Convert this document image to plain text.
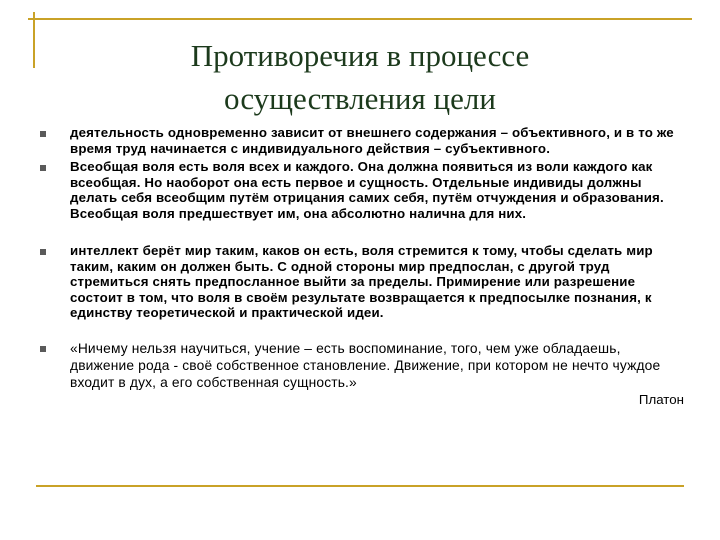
Противоречия в процессе
осуществления цели
деятельность одновременно зависит от внешнего содержания – объективного, и в то же время труд начинается с индивидуального действия – субъективного.
Всеобщая воля есть воля всех и каждого. Она должна появиться из воли каждого как всеобщая. Но наоборот она есть первое и сущность. Отдельные индивиды должны делать себя всеобщим путём отрицания самих себя, путём отчуждения и образования. Всеобщая воля предшествует им, она абсолютно налична для них.
интеллект берёт мир таким, каков он есть, воля стремится к тому, чтобы сделать мир таким, каким он должен быть. С одной стороны мир предпослан, с другой труд стремиться снять предпосланное выйти за пределы. Примирение или разрешение состоит в том, что воля в своём результате возвращается к предпосылке познания, к единству теоретической и практической идеи.
«Ничему нельзя научиться, учение – есть воспоминание, того, чем уже обладаешь, движение рода - своё собственное становление. Движение, при котором не нечто чуждое входит в дух, а его собственная сущность.»
Платон
